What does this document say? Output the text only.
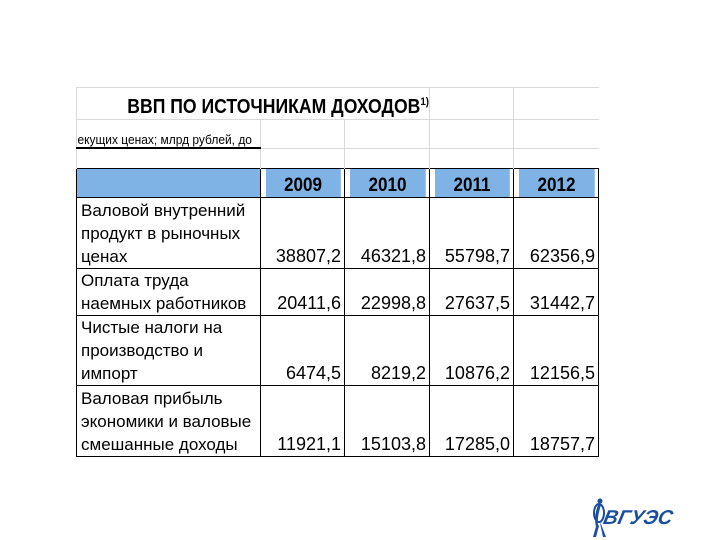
ВВП ПО ИСТОЧНИКАМ ДОХОДОВ$^{1)}$

екущих ценах; млрд рублей, до				

	2009	2010	2011	2012
Валовой внутренний продукт в рыночных ценах	38807,2	46321,8	55798,7	62356,9
Оплата труда наемных работников	20411,6	22998,8	27637,5	31442,7
Чистые налоги на производство и импорт	6474,5	8219,2	10876,2	12156,5
Валовая прибыль экономики и валовые смешанные доходы	11921,1	15103,8	17285,0	18757,7
ВГУЭС
